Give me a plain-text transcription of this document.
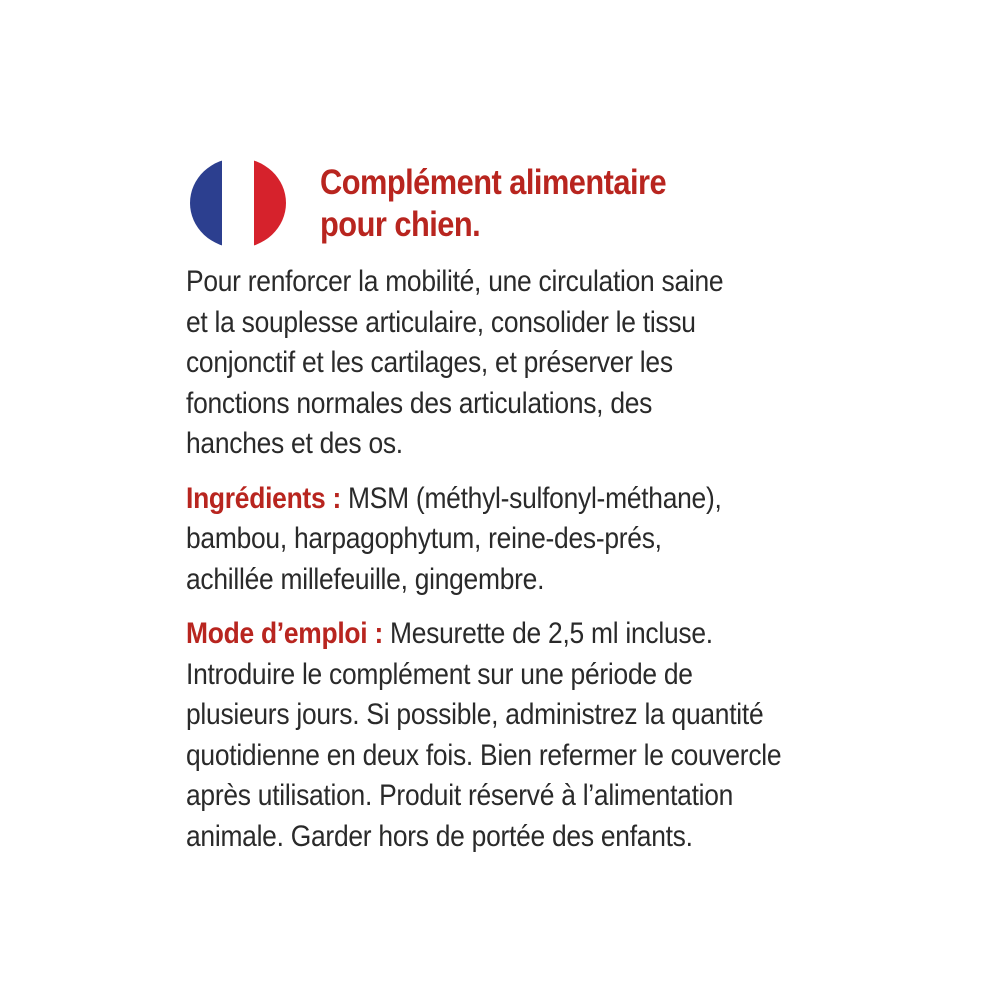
Complément alimentaire
pour chien.

Pour renforcer la mobilité, une circulation saine

et la souplesse articulaire, consolider le tissu

conjonctif et les cartilages, et préserver les

fonctions normales des articulations, des

hanches et des os.

Ingrédients : MSM (méthyl-sulfonyl-méthane),

bambou, harpagophytum, reine-des-prés,

achillée millefeuille, gingembre.

Mode d’emploi : Mesurette de 2,5 ml incluse.

Introduire le complément sur une période de

plusieurs jours. Si possible, administrez la quantité

quotidienne en deux fois. Bien refermer le couvercle

après utilisation. Produit réservé à l’alimentation

animale. Garder hors de portée des enfants.
